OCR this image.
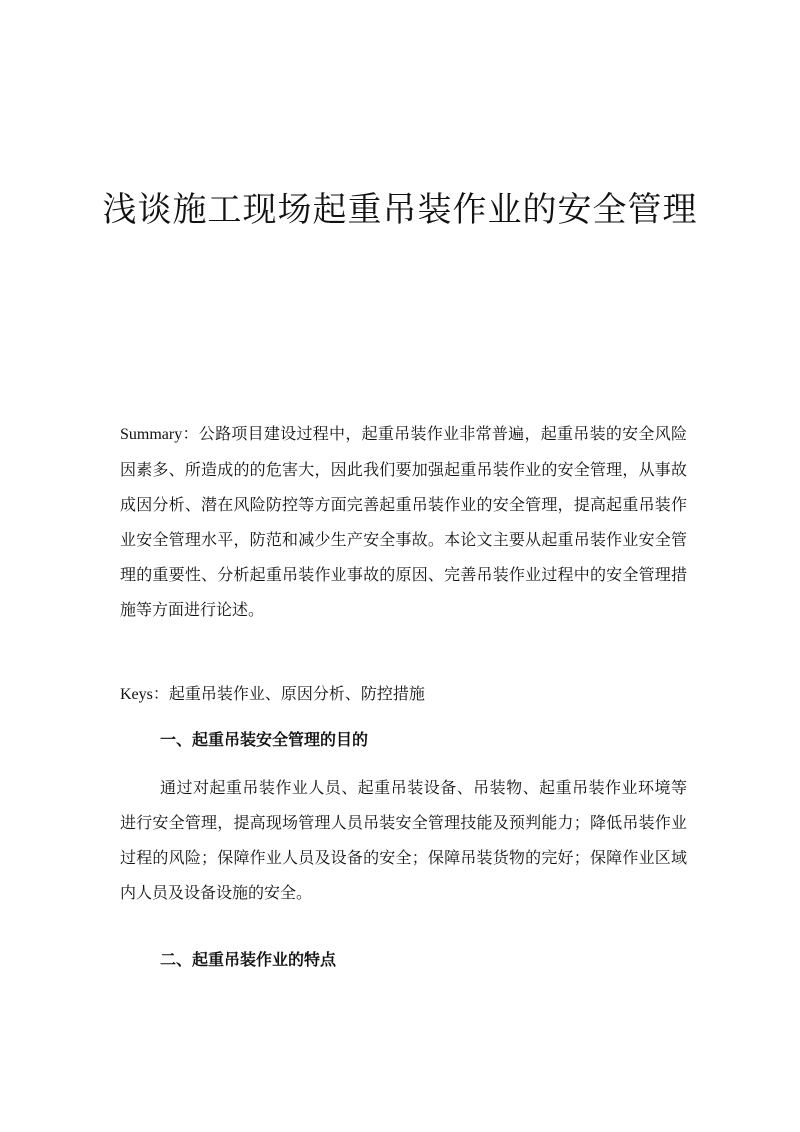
浅谈施工现场起重吊装作业的安全管理

Summary：公路项目建设过程中，起重吊装作业非常普遍，起重吊装的安全风险因素多、所造成的的危害大，因此我们要加强起重吊装作业的安全管理，从事故成因分析、潜在风险防控等方面完善起重吊装作业的安全管理，提高起重吊装作业安全管理水平，防范和减少生产安全事故。本论文主要从起重吊装作业安全管理的重要性、分析起重吊装作业事故的原因、完善吊装作业过程中的安全管理措施等方面进行论述。

Keys：起重吊装作业、原因分析、防控措施

一、起重吊装安全管理的目的

通过对起重吊装作业人员、起重吊装设备、吊装物、起重吊装作业环境等进行安全管理，提高现场管理人员吊装安全管理技能及预判能力；降低吊装作业过程的风险；保障作业人员及设备的安全；保障吊装货物的完好；保障作业区域内人员及设备设施的安全。

二、起重吊装作业的特点
